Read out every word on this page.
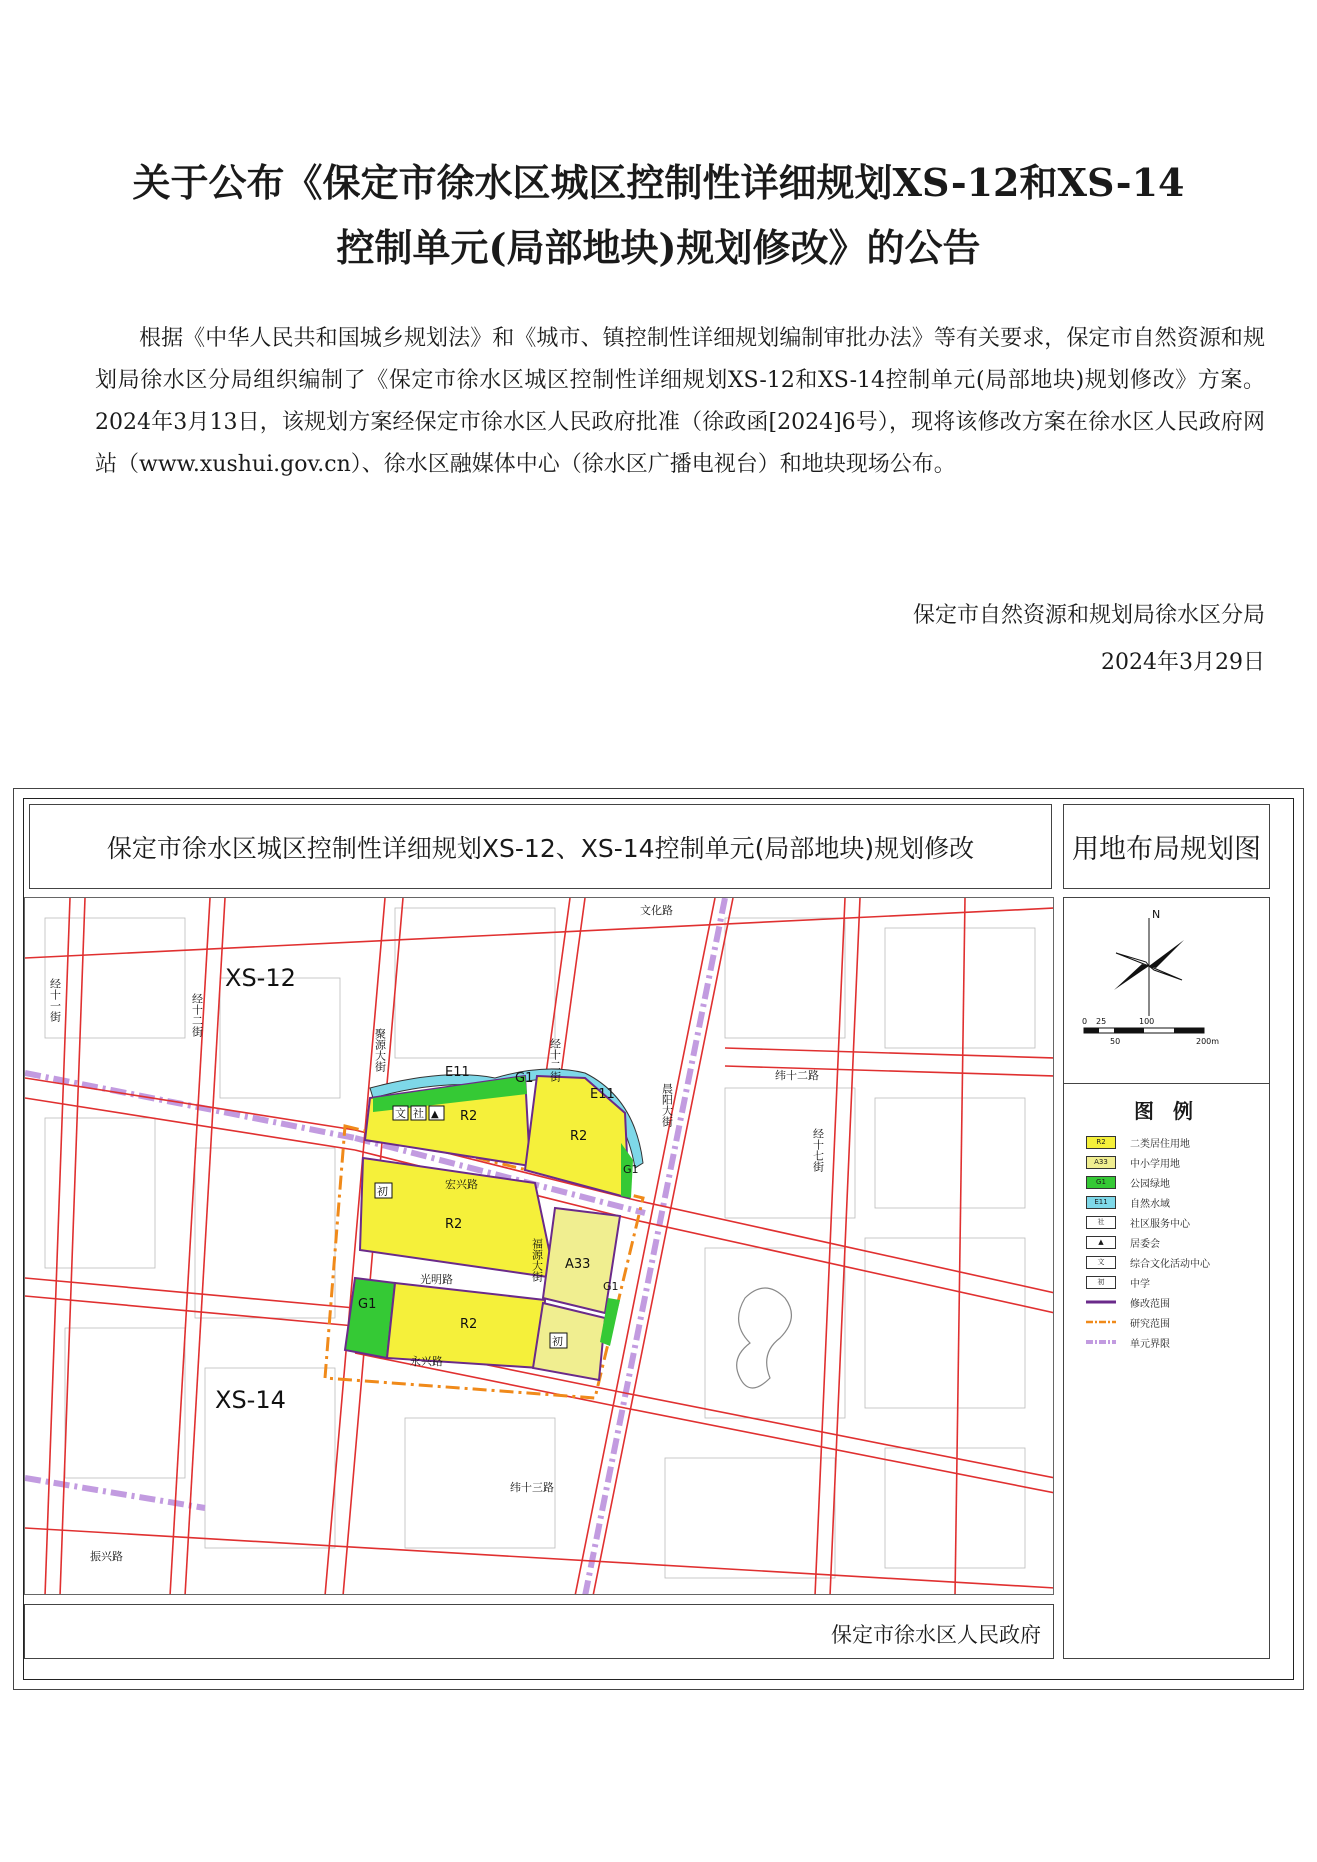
关于公布《保定市徐水区城区控制性详细规划XS-12和XS-14
控制单元(局部地块)规划修改》的公告

根据《中华人民共和国城乡规划法》和《城市、镇控制性详细规划编制审批办法》等有关要求，保定市自然资源和规划局徐水区分局组织编制了《保定市徐水区城区控制性详细规划XS-12和XS-14控制单元(局部地块)规划修改》方案。2024年3月13日，该规划方案经保定市徐水区人民政府批准（徐政函[2024]6号），现将该修改方案在徐水区人民政府网站（www.xushui.gov.cn）、徐水区融媒体中心（徐水区广播电视台）和地块现场公布。

保定市自然资源和规划局徐水区分局
2024年3月29日
保定市徐水区城区控制性详细规划XS-12、XS-14控制单元(局部地块)规划修改	用地布局规划图
R2
R2
R2
R2
A33
G1
G1
G1
G1
E11
E11
文 社 ▲
初
初
XS-12
XS-14
文化路
纬十二路
宏兴路
光明路
永兴路
纬十三路
振兴路
经十一街	经十二街
聚源大街	经十二街
晨阳大街
经十七街
福源大街
N
0 25	100
50	200m
图 例
R2	二类居住用地
A33	中小学用地
G1	公园绿地
E11	自然水域
社	社区服务中心
▲	居委会
文	综合文化活动中心
初	中学
修改范围
研究范围
单元界限
保定市徐水区人民政府
